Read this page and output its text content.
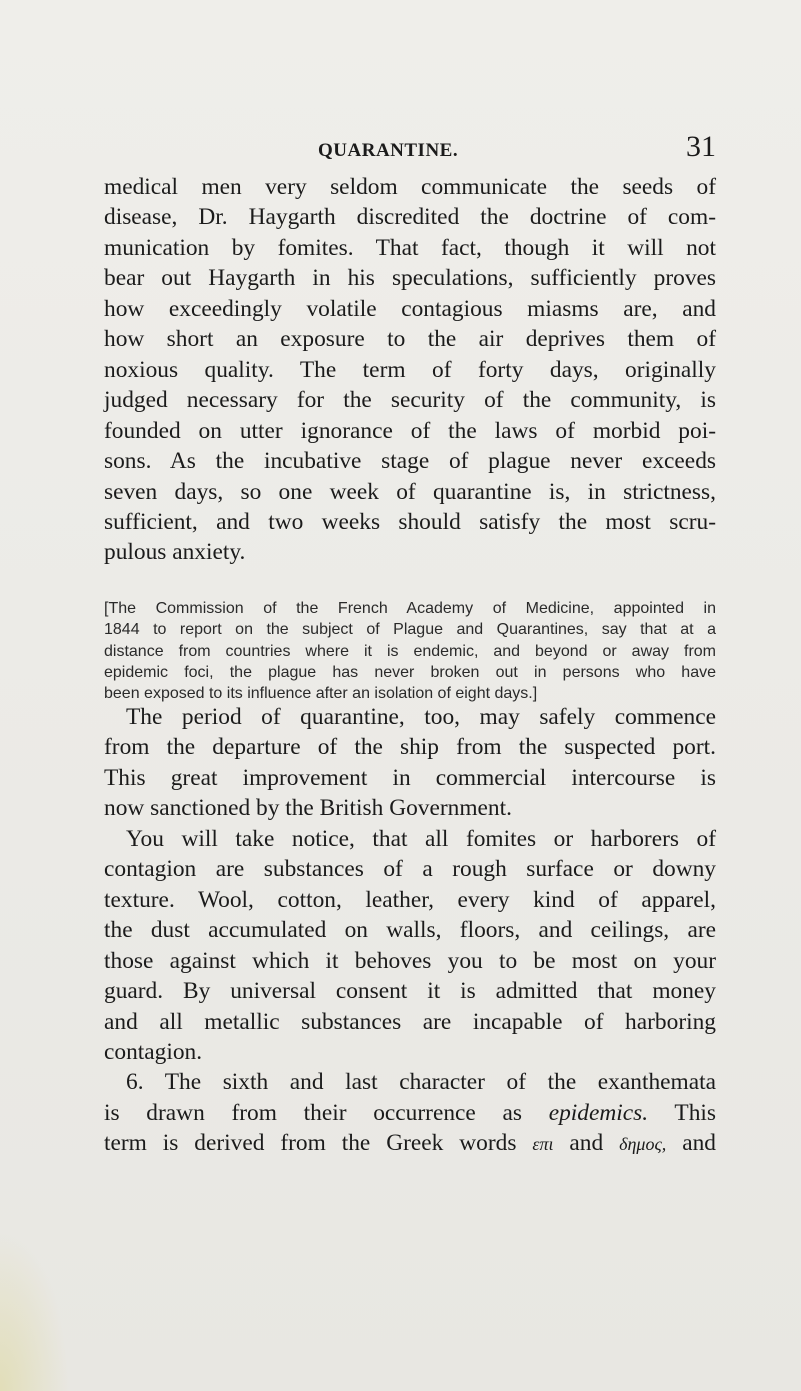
QUARANTINE.	31
medical men very seldom communicate the seeds of
disease, Dr. Haygarth discredited the doctrine of com-
munication by fomites. That fact, though it will not
bear out Haygarth in his speculations, sufficiently proves
how exceedingly volatile contagious miasms are, and
how short an exposure to the air deprives them of
noxious quality. The term of forty days, originally
judged necessary for the security of the community, is
founded on utter ignorance of the laws of morbid poi-
sons. As the incubative stage of plague never exceeds
seven days, so one week of quarantine is, in strictness,
sufficient, and two weeks should satisfy the most scru-
pulous anxiety.
[The Commission of the French Academy of Medicine, appointed in
1844 to report on the subject of Plague and Quarantines, say that at a
distance from countries where it is endemic, and beyond or away from
epidemic foci, the plague has never broken out in persons who have
been exposed to its influence after an isolation of eight days.]
The period of quarantine, too, may safely commence
from the departure of the ship from the suspected port.
This great improvement in commercial intercourse is
now sanctioned by the British Government.
You will take notice, that all fomites or harborers of
contagion are substances of a rough surface or downy
texture. Wool, cotton, leather, every kind of apparel,
the dust accumulated on walls, floors, and ceilings, are
those against which it behoves you to be most on your
guard. By universal consent it is admitted that money
and all metallic substances are incapable of harboring
contagion.
6. The sixth and last character of the exanthemata
is drawn from their occurrence as epidemics. This
term is derived from the Greek words επι and δημος, and
